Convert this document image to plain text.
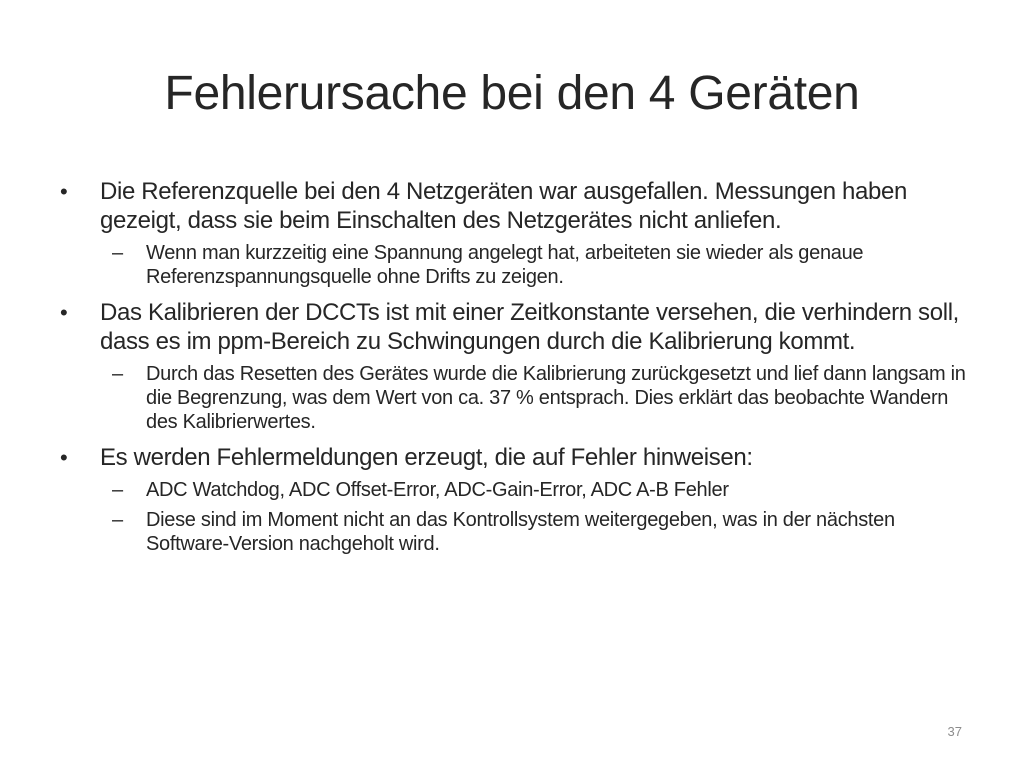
Fehlerursache bei den 4 Geräten
•	Die Referenzquelle bei den 4 Netzgeräten war ausgefallen. Messungen haben gezeigt, dass sie beim Einschalten des Netzgerätes nicht anliefen.
– Wenn man kurzzeitig eine Spannung angelegt hat, arbeiteten sie wieder als genaue Referenzspannungsquelle ohne Drifts zu zeigen.
•	Das Kalibrieren der DCCTs ist mit einer Zeitkonstante versehen, die verhindern soll, dass es im ppm-Bereich zu Schwingungen durch die Kalibrierung kommt.
– Durch das Resetten des Gerätes wurde die Kalibrierung zurückgesetzt und lief dann langsam in die Begrenzung, was dem Wert von ca. 37 % entsprach. Dies erklärt das beobachte Wandern des Kalibrierwertes.
•	Es werden Fehlermeldungen erzeugt, die auf Fehler hinweisen:
– ADC Watchdog, ADC Offset-Error, ADC-Gain-Error, ADC A-B Fehler
– Diese sind im Moment nicht an das Kontrollsystem weitergegeben, was in der nächsten Software-Version nachgeholt wird.
37
